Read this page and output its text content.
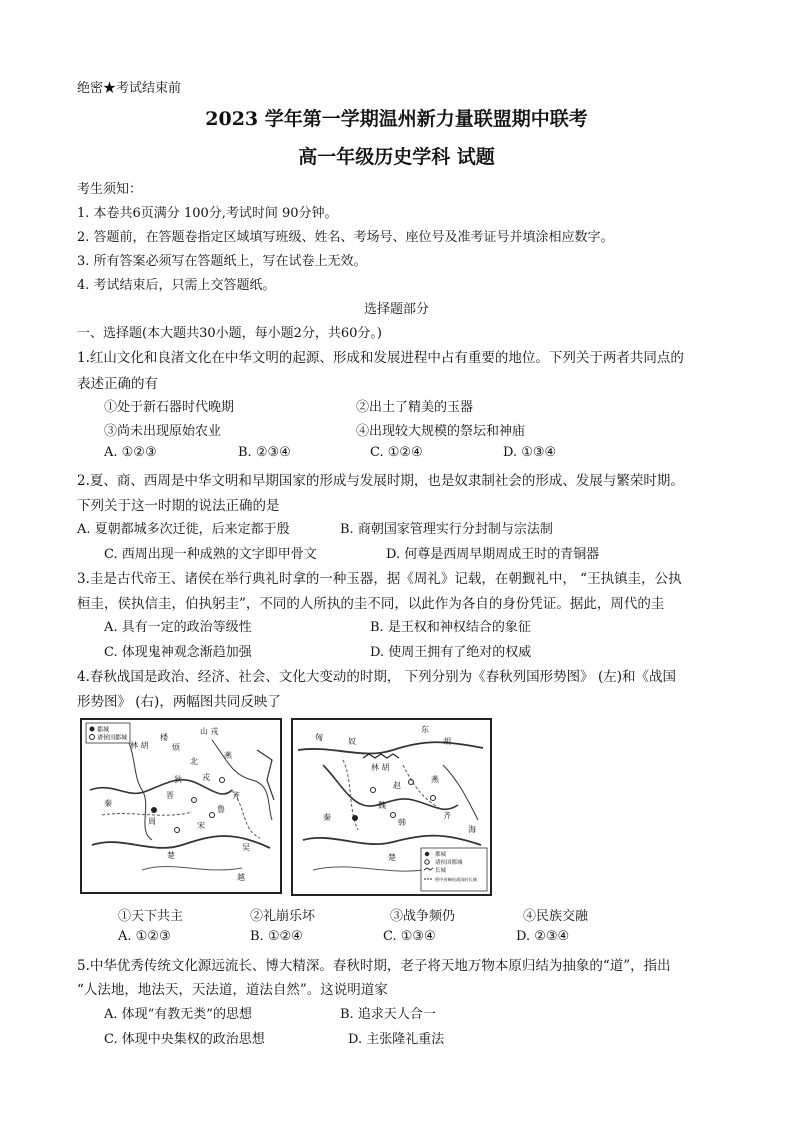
绝密★考试结束前
2023 学年第一学期温州新力量联盟期中联考
高一年级历史学科 试题
考生须知：
1. 本卷共6页满分 100分,考试时间 90分钟。
2. 答题前，在答题卷指定区域填写班级、姓名、考场号、座位号及准考证号并填涂相应数字。
3. 所有答案必须写在答题纸上，写在试卷上无效。
4. 考试结束后，只需上交答题纸。
选择题部分
一、选择题(本大题共30小题，每小题2分，共60分。)
1.红山文化和良渚文化在中华文明的起源、形成和发展进程中占有重要的地位。下列关于两者共同点的
表述正确的有
①处于新石器时代晚期	②出土了精美的玉器
③尚未出现原始农业	④出现较大规模的祭坛和神庙
A. ①②③	B. ②③④	C. ①②④	D. ①③④
2.夏、商、西周是中华文明和早期国家的形成与发展时期，也是奴隶制社会的形成、发展与繁荣时期。
下列关于这一时期的说法正确的是
A. 夏朝都城多次迁徙，后来定都于殷	B. 商朝国家管理实行分封制与宗法制
C. 西周出现一种成熟的文字即甲骨文	D. 何尊是西周早期周成王时的青铜器
3.圭是古代帝王、诸侯在举行典礼时拿的一种玉器，据《周礼》记载，在朝觐礼中， “王执镇圭，公执
桓圭，侯执信圭，伯执躬圭”，不同的人所执的圭不同，以此作为各自的身份凭证。据此，周代的圭
A. 具有一定的政治等级性	B. 是王权和神权结合的象征
C. 体现鬼神观念渐趋加强	D. 使周王拥有了绝对的权威
4.春秋战国是政治、经济、社会、文化大变动的时期， 下列分别为《春秋列国形势图》 (左)和《战国
形势图》 (右)，两幅图共同反映了
都城
诸侯国都城
山 戎
林 胡
楼
烦
北
燕
戎
狄
晋
秦
周
齐
鲁
宋
楚
吴
越
都城
诸侯国都城
长城
图中省略的战国时长城
东
胡
匈	奴
林 胡
赵
燕
魏
韩
齐
秦
楚
海
①天下共主	②礼崩乐坏	③战争频仍	④民族交融
A. ①②③	B. ①②④	C. ①③④	D. ②③④
5.中华优秀传统文化源远流长、博大精深。春秋时期，老子将天地万物本原归结为抽象的“道”，指出
“人法地，地法天，天法道，道法自然”。这说明道家
A. 体现“有教无类”的思想	B. 追求天人合一
C. 体现中央集权的政治思想	D. 主张隆礼重法
